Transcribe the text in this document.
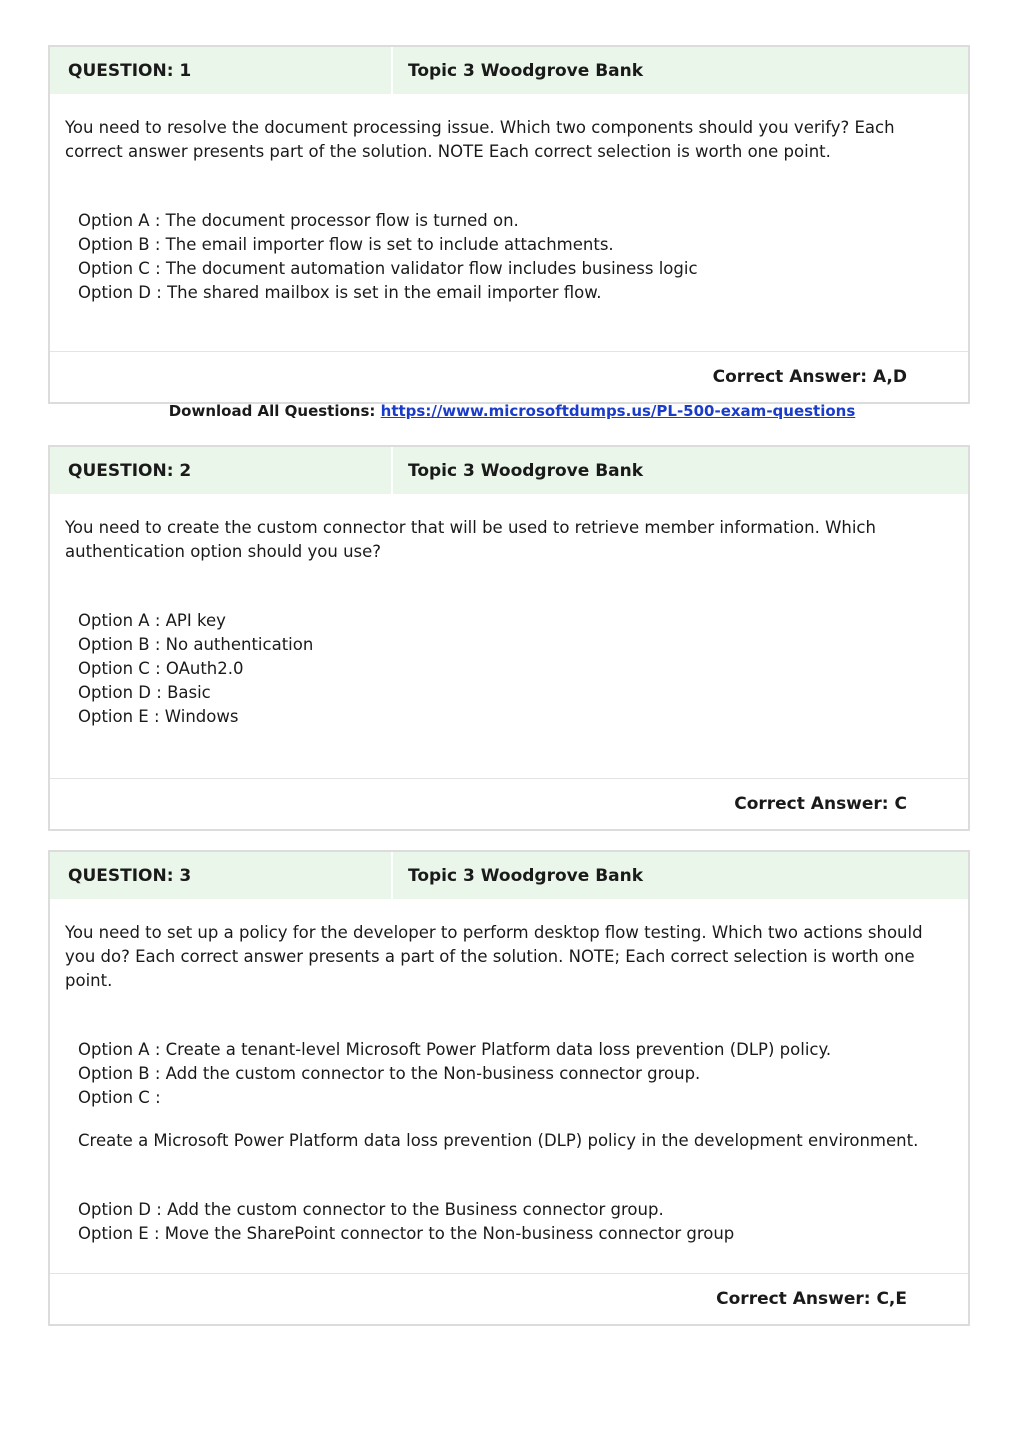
QUESTION: 1	Topic 3 Woodgrove Bank

You need to resolve the document processing issue. Which two components should you verify? Each correct answer presents part of the solution. NOTE Each correct selection is worth one point.

Option A : The document processor flow is turned on.
Option B : The email importer flow is set to include attachments.
Option C : The document automation validator flow includes business logic
Option D : The shared mailbox is set in the email importer flow.
Correct Answer: A,D
Download All Questions: https://www.microsoftdumps.us/PL-500-exam-questions
QUESTION: 2	Topic 3 Woodgrove Bank

You need to create the custom connector that will be used to retrieve member information. Which authentication option should you use?

Option A : API key
Option B : No authentication
Option C : OAuth2.0
Option D : Basic
Option E : Windows
Correct Answer: C
QUESTION: 3	Topic 3 Woodgrove Bank

You need to set up a policy for the developer to perform desktop flow testing. Which two actions should you do? Each correct answer presents a part of the solution. NOTE; Each correct selection is worth one point.

Option A : Create a tenant-level Microsoft Power Platform data loss prevention (DLP) policy.
Option B : Add the custom connector to the Non-business connector group.
Option C :
Create a Microsoft Power Platform data loss prevention (DLP) policy in the development environment.
Option D : Add the custom connector to the Business connector group.
Option E : Move the SharePoint connector to the Non-business connector group
Correct Answer: C,E
